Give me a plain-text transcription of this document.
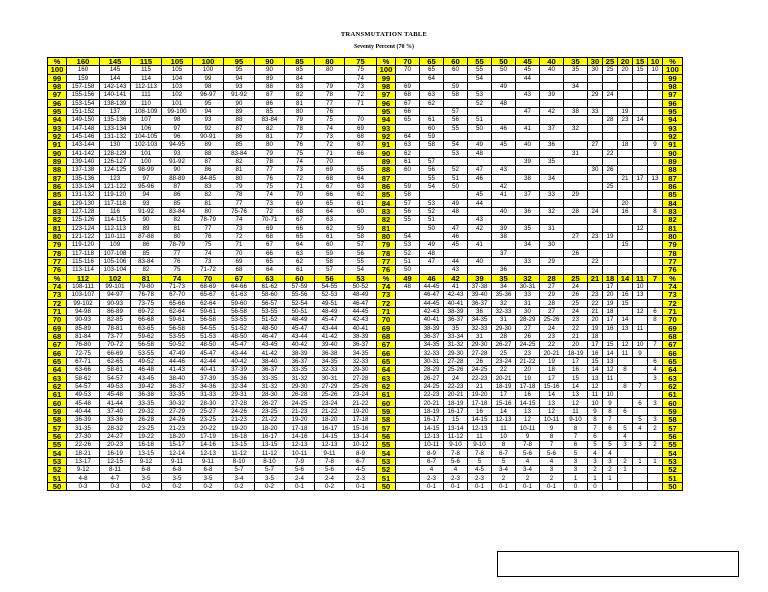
TRANSMUTATION TABLE
Seventy Percent (70 %)
%	160	145	115	105	100	95	90	85	80	75	%	70	65	60	55	50	45	40	35	30	25	20	15	10	%
100	160	145	115	105	100	95	90	85	80	75	100	70	65	60	55	50	45	40	35	30	25	20	15	10	100
99	159	144	114	104	99	94	89	84		74	99		64		54		44								99
98	157-158	142-143	112-113	103	98	93	88	83	79	73	98	69		59		49			34						98
97	155-156	140-141	111	102	96-97	91-92	87	82	78	72	97	68	63	58	53		43	39		29	24				97
96	153-154	138-139	110	101	95	90	86	81	77	71	96	67	62		52	48									96
95	151-152	137	108-109	99-100	94	89	85	80	76		95	66		57			47	42	38	33		19			95
94	149-150	135-136	107	98	93	88	83-84	79	75	70	94	65	61	56	51						28	23	14		94
93	147-148	133-134	106	97	92	87	82	78	74	69	93		60	55	50	46	41	37	32						93
92	145-146	131-132	104-105	96	90-91	86	81	77	73	68	92	64	59												92
91	143-144	130	102-103	94-95	89	85	80	76	72	67	91	63	58	54	49	45	40	36		27		18		9	91
90	141-142	128-129	101	93	88	83-84	79	75	71	66	90	62		53	48				31		22				90
89	139-140	126-127	100	91-92	87	82	78	74	70		89	61	57				39	35							89
88	137-138	124-125	98-99	90	86	81	77	73	69	65	88	60	56	52	47	43				30	26				88
87	135-136	123	97	88-89	84-85	80	76	72	68	64	87		55	51	46		38	34				21	17	13	87
86	133-134	121-122	95-96	87	83	79	75	71	67	63	86	59	54	50		42					25				86
85	131-132	119-120	94	86	82	78	74	70	66	62	85	58			45	41	37	33	29						85
84	129-130	117-118	93	85	81	77	73	69	65	61	84	57	53	49	44							20			84
83	127-128	116	91-92	83-84	80	75-76	72	68	64	60	83	56	52	48		40	36	32	28	24		16		8	83
82	125-126	114-115	90	82	78-79	74	70-71	67	63		82	55	51		43										82
81	123-124	112-113	89	81	77	73	69	66	62	59	81		50	47	42	39	35	31					12		81
80	121-122	110-111	87-88	80	76	72	68	65	61	58	80	54		46		38			27	23	19				80
79	119-120	109	86	78-79	75	71	67	64	60	57	79	53	49	45	41		34	30				15			79
78	117-118	107-108	85	77	74	70	66	63	59	56	78	52	48			37			26						78
77	115-116	105-106	83-84	76	73	69	65	62	58	55	77	51	47	44	40		33	29		22					77
76	113-114	103-104	82	75	71-72	68	64	61	57	54	76	50		43		36									76
%	112	102	81	74	70	67	63	60	56	53	%	49	46	42	39	35	32	28	25	21	18	14	11	7	%
74	108-111	99-101	79-80	71-73	68-69	64-66	61-62	57-59	54-55	50-52	74	48	44-45	41	37-38	34	30-31	27	24		17		10		74
73	103-107	94-97	76-78	67-70	65-67	61-63	58-60	55-56	52-53	48-49	73		46-47	42-43	39-40	35-36	33	29	26	23	20	16	13		73
72	99-102	90-93	73-75	65-66	62-64	59-60	56-57	52-54	49-51	46-47	72		44-45	40-41	36-37	32	31	28	25	22	19	15			72
71	94-98	86-89	69-72	62-64	59-61	56-58	53-55	50-51	48-49	44-45	71		42-43	38-39	36	32-33	30	27	24	21	18		12	6	71
70	90-93	82-85	66-68	59-61	56-58	53-55	51-52	48-49	45-47	42-43	70		40-41	36-37	34-35	31	28-29	25-26	23	20	17	14		8	70
69	85-89	78-81	63-65	56-58	54-55	51-52	48-50	45-47	43-44	40-41	69		38-39	35	32-33	29-30	27	24	22	19	16	13	11		69
68	81-84	73-77	59-62	53-55	51-53	48-50	46-47	43-44	41-42	38-39	68		36-37	33-34	31	28	26	23	21	18					68
67	76-80	70-72	56-58	50-52	48-50	45-47	43-45	40-42	39-40	36-37	67		34-35	31-32	29-30	26-27	24-25	22	20	17	15	12	10	7	67
66	72-75	66-69	53-55	47-49	45-47	43-44	41-42	38-39	36-38	34-35	66		32-33	29-30	27-28	25	23	20-21	18-19	16	14	11	9		66
65	67-71	62-65	49-52	44-46	42-44	40-42	38-40	36-37	34-35	32-33	65		30-31	27-28	26	23-24	21-22	19	17	15	13			6	65
64	63-66	58-61	46-48	41-43	40-41	37-39	36-37	33-35	32-33	29-30	64		28-29	25-26	24-25	22	20	18	16	14	12	8		4	64
63	58-62	54-57	43-45	38-40	37-39	35-36	33-35	31-32	30-31	27-28	63		26-27	24	22-23	20-21	19	17	15	13	11			3	63
62	54-57	49-53	39-42	36-37	34-36	32-34	31-32	29-30	27-29	25-26	62		24-25	22-23	21	18-19	17-18	15-16	14	12		8	7		62
61	49-53	45-48	36-38	33-35	31-33	29-31	28-30	26-28	25-26	23-24	61		22-23	20-21	19-20	17	16	14	13	11	10				61
60	45-48	41-44	33-35	30-32	28-30	27-28	26-27	24-25	23-24	21-22	60		20-21	18-19	17-18	15-16	14-15	13	12	10	9		6	3	60
59	40-44	37-40	29-32	27-29	25-27	24-26	23-25	21-23	21-22	19-20	59		18-19	16-17	16	14	13	12	11	9	8	6			59
58	36-39	33-36	26-28	24-26	23-25	21-23	21-22	19-20	18-20	17-18	58		16-17	15	14-15	12-13	12	10-11	9-10	8	7		5	3	58
57	31-35	28-32	23-25	21-23	20-22	19-20	18-20	17-18	16-17	15-16	57		14-15	13-14	12-13	11	10-11	9	8	7	6	5	4	2	57
56	27-30	24-27	19-22	18-20	17-19	16-18	16-17	14-16	14-15	13-14	56		12-13	11-12	11	10	9	8	7	6		4			56
55	22-26	20-23	16-18	15-17	14-16	13-15	13-15	12-13	12-13	10-12	55		10-11	9-10	9-10	8	7-8	7	6	5	5	3	3	2	55
54	18-21	16-19	13-15	12-14	12-13	11-12	11-12	10-11	9-11	8-9	54		8-9	7-8	7-8	6-7	5-6	5-6	5	4	4				54
53	13-17	12-15	9-12	9-11	9-11	8-10	8-10	7-9	7-8	6-7	53		6-7	5-6	5	5	4	4	3	3	3	2	1	1	53
52	9-12	8-11	6-8	6-8	6-8	5-7	5-7	5-6	5-6	4-5	52		4	4	4-5	3-4	3-4	3	3	2	2	1			52
51	4-8	4-7	3-5	3-5	3-5	3-4	3-5	2-4	2-4	2-3	51		2-3	2-3	2-3	2	2	2	1	1	1				51
50	0-3	0-3	0-2	0-2	0-2	0-2	0-2	0-1	0-2	0-1	50		0-1	0-1	0-1	0-1	0-1	0-1	0	0					50
